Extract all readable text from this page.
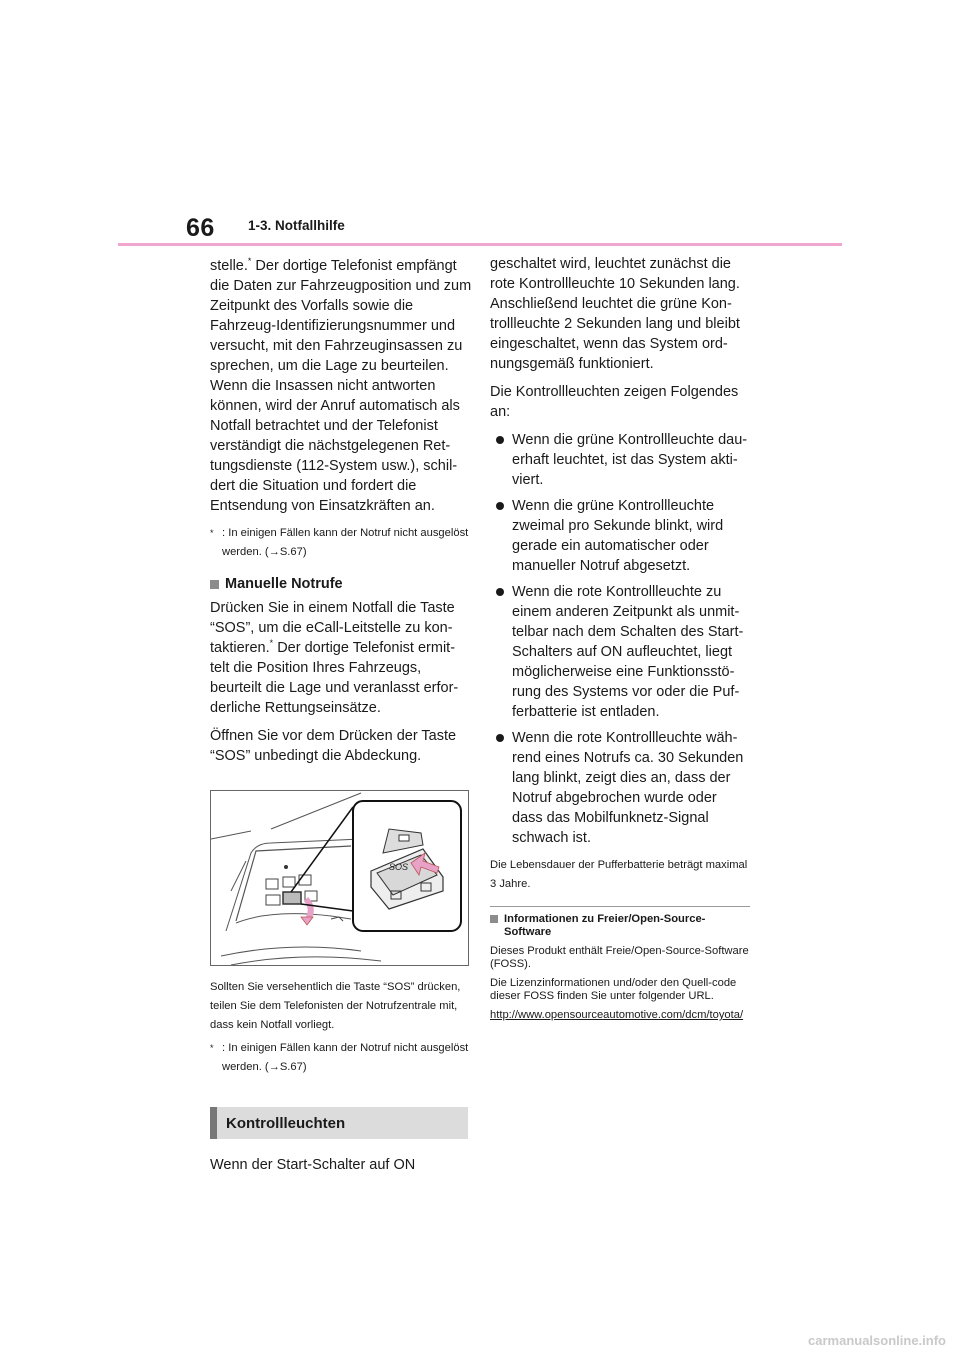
66 1-3. Notfallhilfe

stelle.* Der dortige Telefonist empfängt die Daten zur Fahrzeugposition und zum Zeitpunkt des Vorfalls sowie die Fahrzeug-Identifizierungsnummer und versucht, mit den Fahrzeuginsassen zu sprechen, um die Lage zu beurteilen. Wenn die Insassen nicht antworten können, wird der Anruf automatisch als Notfall betrachtet und der Telefonist verständigt die nächstgelegenen Ret-tungsdienste (112-System usw.), schil-dert die Situation und fordert die Entsendung von Einsatzkräften an.

* : In einigen Fällen kann der Notruf nicht ausgelöst werden. (→S.67)
Manuelle Notrufe

Drücken Sie in einem Notfall die Taste “SOS”, um die eCall-Leitstelle zu kon-taktieren.* Der dortige Telefonist ermit-telt die Position Ihres Fahrzeugs, beurteilt die Lage und veranlasst erfor-derliche Rettungseinsätze.

Öffnen Sie vor dem Drücken der Taste “SOS” unbedingt die Abdeckung.

SOS

Sollten Sie versehentlich die Taste “SOS” drücken, teilen Sie dem Telefonisten der Notrufzentrale mit, dass kein Notfall vorliegt.

* : In einigen Fällen kann der Notruf nicht ausgelöst werden. (→S.67)
Kontrollleuchten

Wenn der Start-Schalter auf ON

geschaltet wird, leuchtet zunächst die rote Kontrollleuchte 10 Sekunden lang. Anschließend leuchtet die grüne Kon-trollleuchte 2 Sekunden lang und bleibt eingeschaltet, wenn das System ord-nungsgemäß funktioniert.

Die Kontrollleuchten zeigen Folgendes an:

Wenn die grüne Kontrollleuchte dau-erhaft leuchtet, ist das System akti-viert.
Wenn die grüne Kontrollleuchte zweimal pro Sekunde blinkt, wird gerade ein automatischer oder manueller Notruf abgesetzt.
Wenn die rote Kontrollleuchte zu einem anderen Zeitpunkt als unmit-telbar nach dem Schalten des Start-Schalters auf ON aufleuchtet, liegt möglicherweise eine Funktionsstö-rung des Systems vor oder die Puf-ferbatterie ist entladen.
Wenn die rote Kontrollleuchte wäh-rend eines Notrufs ca. 30 Sekunden lang blinkt, zeigt dies an, dass der Notruf abgebrochen wurde oder dass das Mobilfunknetz-Signal schwach ist.

Die Lebensdauer der Pufferbatterie beträgt maximal 3 Jahre.

Informationen zu Freier/Open-Source-Software

Dieses Produkt enthält Freie/Open-Source-Software (FOSS).

Die Lizenzinformationen und/oder den Quell-code dieser FOSS finden Sie unter folgender URL.

http://www.opensourceautomotive.com/dcm/toyota/
carmanualsonline.info
